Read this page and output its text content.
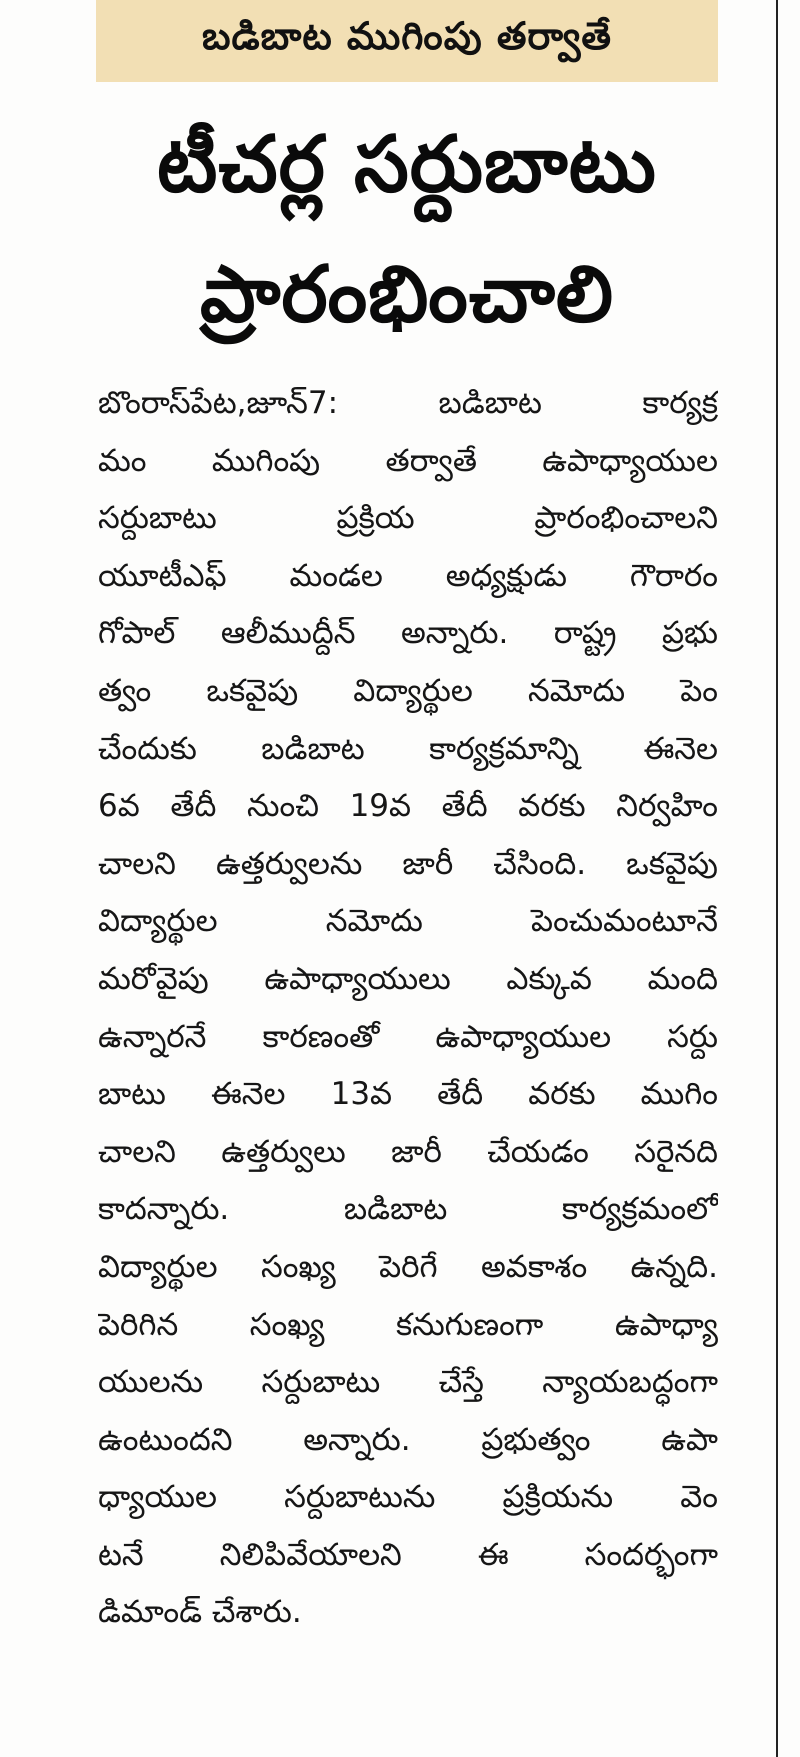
బడిబాట ముగింపు తర్వాతే
టీచర్ల సర్దుబాటు
ప్రారంభించాలి
బొంరాస్‌పేట,జూన్7: బడిబాట కార్యక్ర
మం ముగింపు తర్వాతే ఉపాధ్యాయుల
సర్దుబాటు ప్రక్రియ ప్రారంభించాలని
యూటీఎఫ్ మండల అధ్యక్షుడు గౌరారం
గోపాల్ ఆలీముద్దీన్ అన్నారు. రాష్ట్ర ప్రభు
త్వం ఒకవైపు విద్యార్థుల నమోదు పెం
చేందుకు బడిబాట కార్యక్రమాన్ని ఈనెల
6వ తేదీ నుంచి 19వ తేదీ వరకు నిర్వహిం
చాలని ఉత్తర్వులను జారీ చేసింది. ఒకవైపు
విద్యార్థుల నమోదు పెంచుమంటూనే
మరోవైపు ఉపాధ్యాయులు ఎక్కువ మంది
ఉన్నారనే కారణంతో ఉపాధ్యాయుల సర్దు
బాటు ఈనెల 13వ తేదీ వరకు ముగిం
చాలని ఉత్తర్వులు జారీ చేయడం సరైనది
కాదన్నారు. బడిబాట కార్యక్రమంలో
విద్యార్థుల సంఖ్య పెరిగే అవకాశం ఉన్నది.
పెరిగిన సంఖ్య కనుగుణంగా ఉపాధ్యా
యులను సర్దుబాటు చేస్తే న్యాయబద్ధంగా
ఉంటుందని అన్నారు. ప్రభుత్వం ఉపా
ధ్యాయుల సర్దుబాటును ప్రక్రియను వెం
టనే నిలిపివేయాలని ఈ సందర్భంగా
డిమాండ్ చేశారు.
